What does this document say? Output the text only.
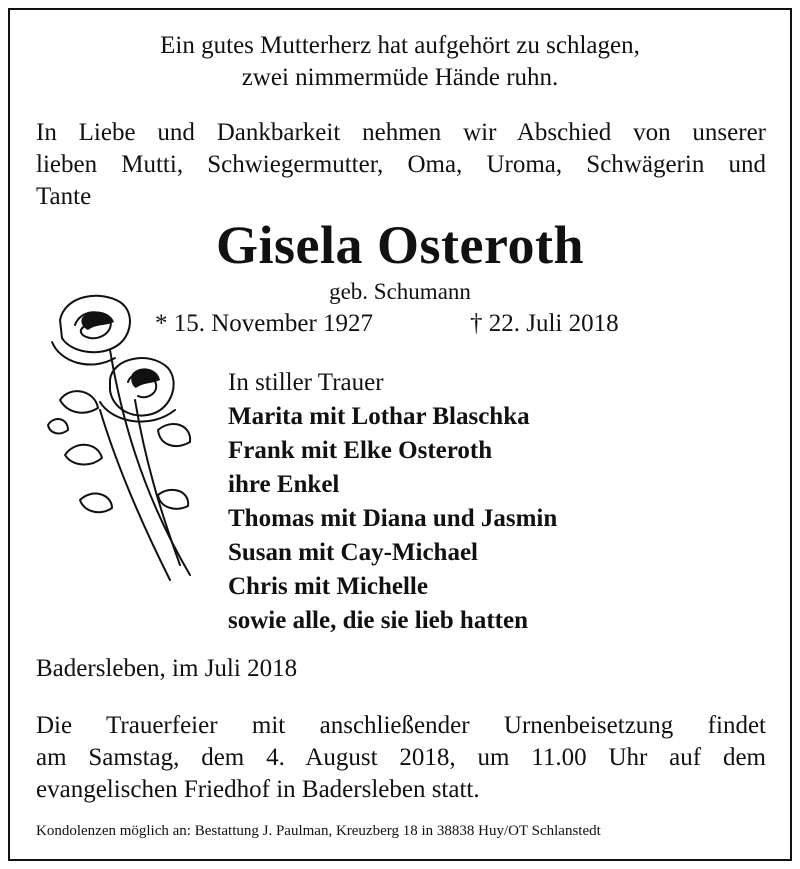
Ein gutes Mutterherz hat aufgehört zu schlagen,
zwei nimmermüde Hände ruhn.
In Liebe und Dankbarkeit nehmen wir Abschied von unserer
lieben Mutti, Schwiegermutter, Oma, Uroma, Schwägerin und
Tante
Gisela Osteroth
geb. Schumann
* 15. November 1927	† 22. Juli 2018
In stiller Trauer
Marita mit Lothar Blaschka
Frank mit Elke Osteroth
ihre Enkel
Thomas mit Diana und Jasmin
Susan mit Cay-Michael
Chris mit Michelle
sowie alle, die sie lieb hatten
Badersleben, im Juli 2018
Die Trauerfeier mit anschließender Urnenbeisetzung findet
am Samstag, dem 4. August 2018, um 11.00 Uhr auf dem
evangelischen Friedhof in Badersleben statt.
Kondolenzen möglich an: Bestattung J. Paulman, Kreuzberg 18 in 38838 Huy/OT Schlanstedt
